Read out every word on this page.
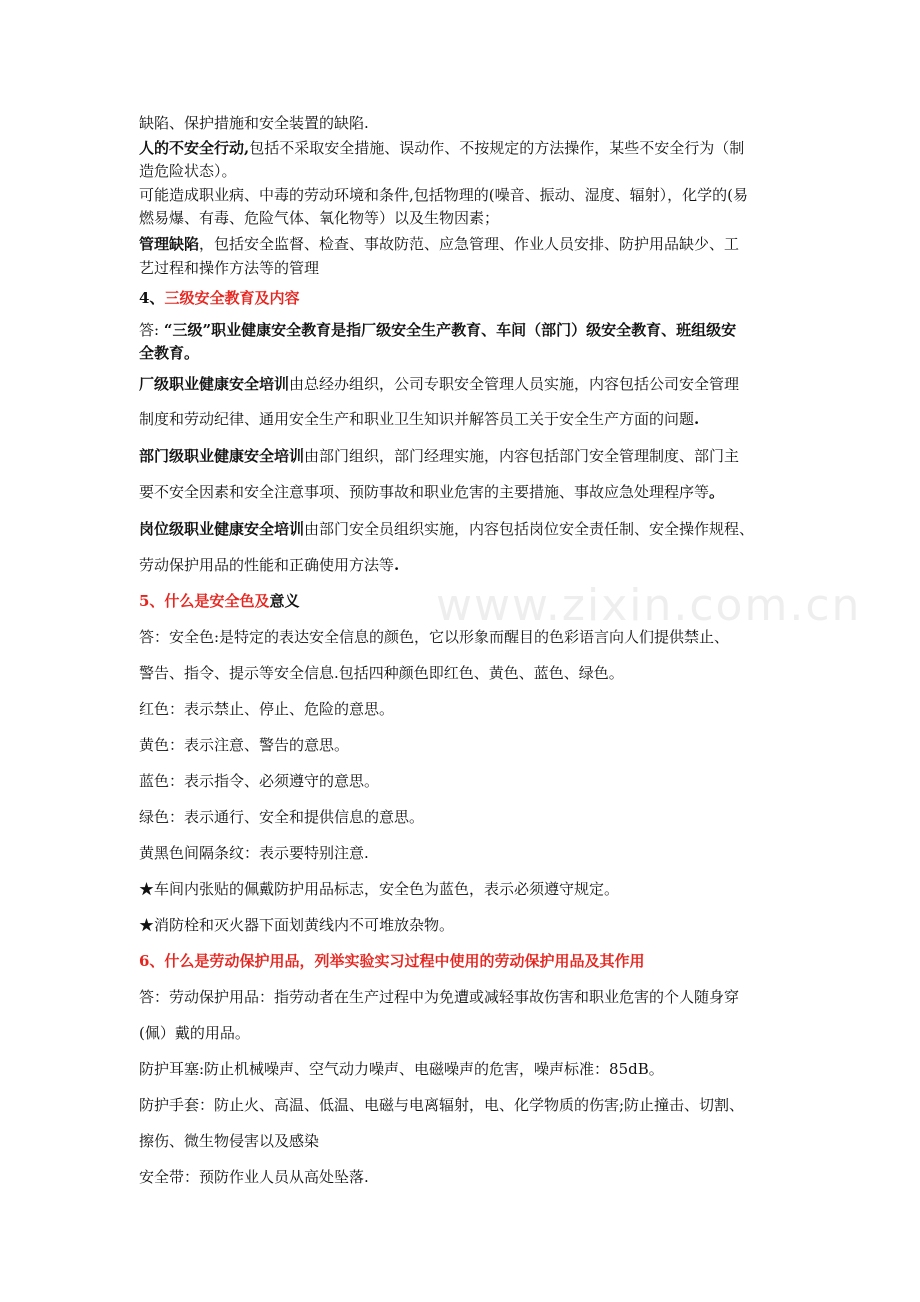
www.zixin.com.cn
缺陷、保护措施和安全装置的缺陷.
人的不安全行动,包括不采取安全措施、误动作、不按规定的方法操作，某些不安全行为（制
造危险状态）。
可能造成职业病、中毒的劳动环境和条件,包括物理的(噪音、振动、湿度、辐射），化学的(易
燃易爆、有毒、危险气体、氧化物等）以及生物因素；
管理缺陷，包括安全监督、检查、事故防范、应急管理、作业人员安排、防护用品缺少、工
艺过程和操作方法等的管理
4、三级安全教育及内容
答: “三级”职业健康安全教育是指厂级安全生产教育、车间（部门）级安全教育、班组级安
全教育。
厂级职业健康安全培训由总经办组织，公司专职安全管理人员实施，内容包括公司安全管理
制度和劳动纪律、通用安全生产和职业卫生知识并解答员工关于安全生产方面的问题.
部门级职业健康安全培训由部门组织，部门经理实施，内容包括部门安全管理制度、部门主
要不安全因素和安全注意事项、预防事故和职业危害的主要措施、事故应急处理程序等。
岗位级职业健康安全培训由部门安全员组织实施，内容包括岗位安全责任制、安全操作规程、
劳动保护用品的性能和正确使用方法等.
5、什么是安全色及意义
答：安全色:是特定的表达安全信息的颜色，它以形象而醒目的色彩语言向人们提供禁止、
警告、指令、提示等安全信息.包括四种颜色即红色、黄色、蓝色、绿色。
红色：表示禁止、停止、危险的意思。
黄色：表示注意、警告的意思。
蓝色：表示指令、必须遵守的意思。
绿色：表示通行、安全和提供信息的意思。
黄黑色间隔条纹：表示要特别注意.
★车间内张贴的佩戴防护用品标志，安全色为蓝色，表示必须遵守规定。
★消防栓和灭火器下面划黄线内不可堆放杂物。
6、什么是劳动保护用品，列举实验实习过程中使用的劳动保护用品及其作用
答：劳动保护用品：指劳动者在生产过程中为免遭或减轻事故伤害和职业危害的个人随身穿
(佩）戴的用品。
防护耳塞:防止机械噪声、空气动力噪声、电磁噪声的危害，噪声标准：85dB。
防护手套：防止火、高温、低温、电磁与电离辐射，电、化学物质的伤害;防止撞击、切割、
擦伤、微生物侵害以及感染
安全带：预防作业人员从高处坠落.
